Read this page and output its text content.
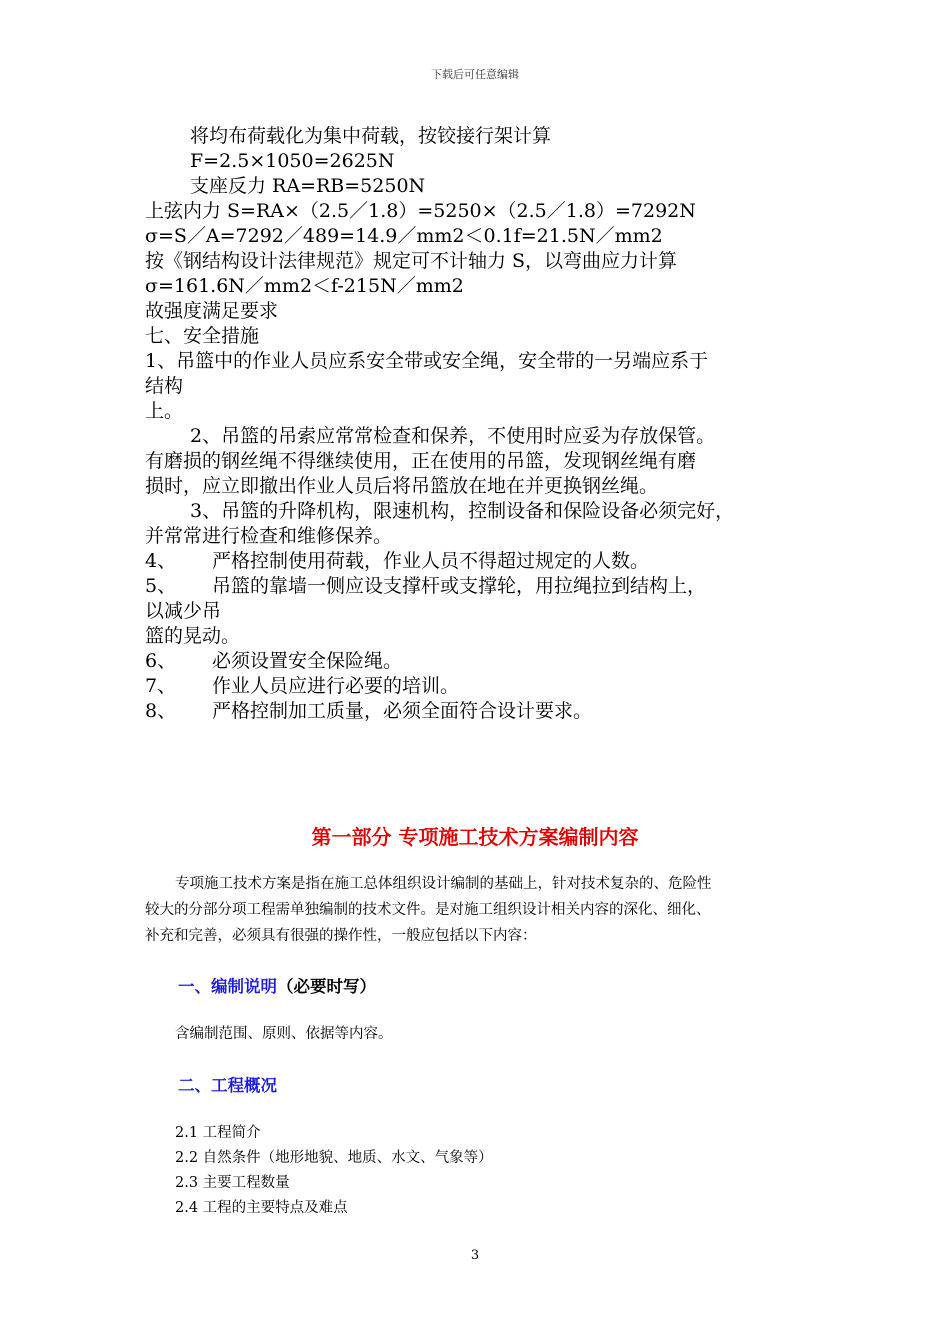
下载后可任意编辑
将均布荷载化为集中荷载，按铰接行架计算
F=2.5×1050=2625N
支座反力 RA=RB=5250N
上弦内力 S=RA×（2.5／1.8）=5250×（2.5／1.8）=7292N
σ=S／A=7292／489=14.9／mm2＜0.1f=21.5N／mm2
按《钢结构设计法律规范》规定可不计轴力 S，以弯曲应力计算
σ=161.6N／mm2＜f-215N／mm2
故强度满足要求
七、安全措施
1、吊篮中的作业人员应系安全带或安全绳，安全带的一另端应系于
结构
上。
2、吊篮的吊索应常常检查和保养，不使用时应妥为存放保管。
有磨损的钢丝绳不得继续使用，正在使用的吊篮，发现钢丝绳有磨
损时，应立即撤出作业人员后将吊篮放在地在并更换钢丝绳。
3、吊篮的升降机构，限速机构，控制设备和保险设备必须完好，
并常常进行检查和维修保养。
4、 严格控制使用荷载，作业人员不得超过规定的人数。
5、 吊篮的靠墙一侧应设支撑杆或支撑轮，用拉绳拉到结构上，
以减少吊
篮的晃动。
6、 必须设置安全保险绳。
7、 作业人员应进行必要的培训。
8、 严格控制加工质量，必须全面符合设计要求。
第一部分 专项施工技术方案编制内容
专项施工技术方案是指在施工总体组织设计编制的基础上，针对技术复杂的、危险性
较大的分部分项工程需单独编制的技术文件。是对施工组织设计相关内容的深化、细化、
补充和完善，必须具有很强的操作性，一般应包括以下内容：
一、编制说明（必要时写）
含编制范围、原则、依据等内容。
二、工程概况
2.1 工程简介
2.2 自然条件（地形地貌、地质、水文、气象等）
2.3 主要工程数量
2.4 工程的主要特点及难点
3
